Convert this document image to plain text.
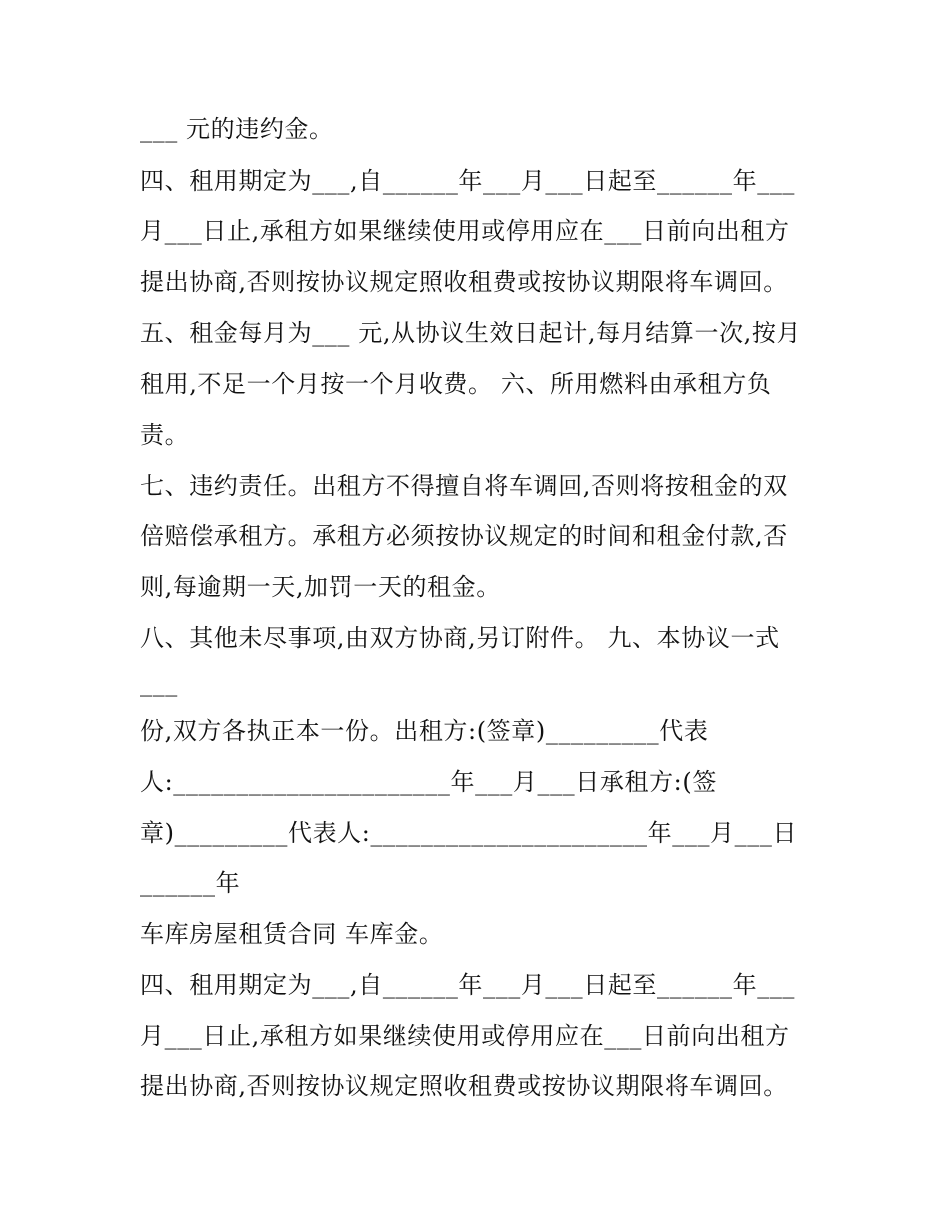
___ 元的违约金。
四、租用期定为___,自______年___月___日起至______年___
月___日止,承租方如果继续使用或停用应在___日前向出租方
提出协商,否则按协议规定照收租费或按协议期限将车调回。
五、租金每月为___ 元,从协议生效日起计,每月结算一次,按月
租用,不足一个月按一个月收费。 六、所用燃料由承租方负
责。
七、违约责任。出租方不得擅自将车调回,否则将按租金的双
倍赔偿承租方。承租方必须按协议规定的时间和租金付款,否
则,每逾期一天,加罚一天的租金。
八、其他未尽事项,由双方协商,另订附件。 九、本协议一式
___
份,双方各执正本一份。出租方:(签章)_________代表
人:______________________年___月___日承租方:(签
章)_________代表人:______________________年___月___日
______年
车库房屋租赁合同 车库金。
四、租用期定为___,自______年___月___日起至______年___
月___日止,承租方如果继续使用或停用应在___日前向出租方
提出协商,否则按协议规定照收租费或按协议期限将车调回。
